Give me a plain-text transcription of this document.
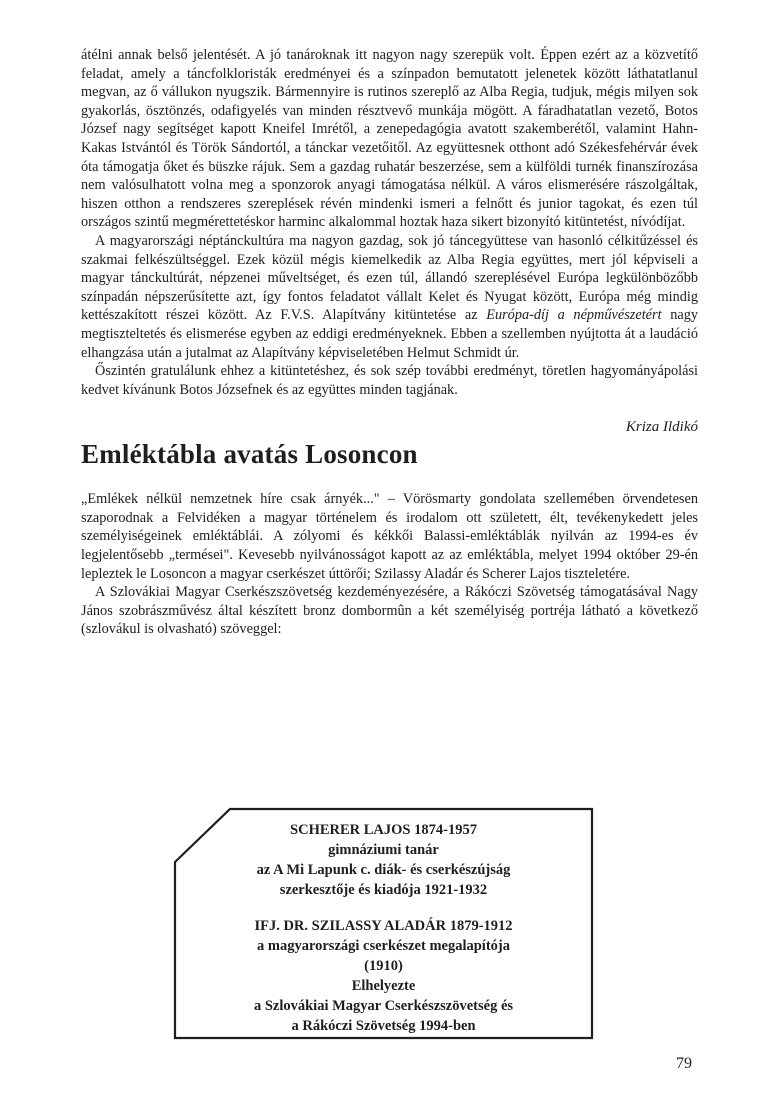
átélni annak belső jelentését. A jó tanároknak itt nagyon nagy szerepük volt. Éppen ezért az a közvetítő feladat, amely a táncfolkloristák eredményei és a színpadon bemutatott jelenetek között láthatatlanul megvan, az ő vállukon nyugszik. Bármennyire is rutinos szereplő az Alba Regia, tudjuk, mégis milyen sok gyakorlás, ösztönzés, odafigyelés van minden résztvevő munkája mögött. A fáradhatatlan vezető, Botos József nagy segítséget kapott Kneifel Imrétől, a zenepedagógia avatott szakemberétől, valamint Hahn-Kakas Istvántól és Török Sándortól, a tánckar vezetőitől. Az együttesnek otthont adó Székesfehérvár évek óta támogatja őket és büszke rájuk. Sem a gazdag ruhatár beszerzése, sem a külföldi turnék finanszírozása nem valósulhatott volna meg a sponzorok anyagi támogatása nélkül. A város elismerésére rászolgáltak, hiszen otthon a rendszeres szereplések révén mindenki ismeri a felnőtt és junior tagokat, és ezen túl országos szintű megmérettetéskor harminc alkalommal hoztak haza sikert bizonyító kitüntetést, nívódíjat.

A magyarországi néptánckultúra ma nagyon gazdag, sok jó táncegyüttese van hasonló célkitűzéssel és szakmai felkészültséggel. Ezek közül mégis kiemelkedik az Alba Regia együttes, mert jól képviseli a magyar tánckultúrát, népzenei műveltséget, és ezen túl, állandó szereplésével Európa legkülönbözőbb színpadán népszerűsítette azt, így fontos feladatot vállalt Kelet és Nyugat között, Európa még mindig kettészakított részei között. Az F.V.S. Alapítvány kitüntetése az Európa-díj a népművészetért nagy megtisztelteté​s és elismerése egyben az eddigi eredményeknek. Ebben a szellemben nyújtotta át a laudáció elhangzása után a jutalmat az Alapítvány képviseletében Helmut Schmidt úr.

Őszintén gratulálunk ehhez a kitüntetéshez, és sok szép további eredményt, töretlen hagyományápolási kedvet kívánunk Botos Józsefnek és az együttes minden tagjának.

Kriza Ildikó

Emléktábla avatás Losoncon

„Emlékek nélkül nemzetnek híre csak árnyék..." – Vörösmarty gondolata szellemében örvendetesen szaporodnak a Felvidéken a magyar történelem és irodalom ott született, élt, tevékenykedett jeles személyiségeinek emléktáblái. A zólyomi és kékkői Balassi-emléktáblák nyilván az 1994-es év legjelentősebb „termései". Kevesebb nyilvánosságot kapott az az emléktábla, melyet 1994 október 29-én lepleztek le Losoncon a magyar cserkészet úttörői; Szilassy Aladár és Scherer Lajos tiszteletére.

A Szlovákiai Magyar Cserkészszövetség kezdeményezésére, a Rákóczi Szövetség támogatásával Nagy János szobrászművész által készített bronz dombormûn a két személyiség portréja látható a következő (szlovákul is olvasható) szöveggel:

SCHERER LAJOS 1874-1957
gimnáziumi tanár
az A Mi Lapunk c. diák- és cserkészújság
szerkesztője és kiadója 1921-1932
IFJ. DR. SZILASSY ALADÁR 1879-1912
a magyarországi cserkészet megalapítója
(1910)
Elhelyezte
a Szlovákiai Magyar Cserkészszövetség és
a Rákóczi Szövetség 1994-ben
79
